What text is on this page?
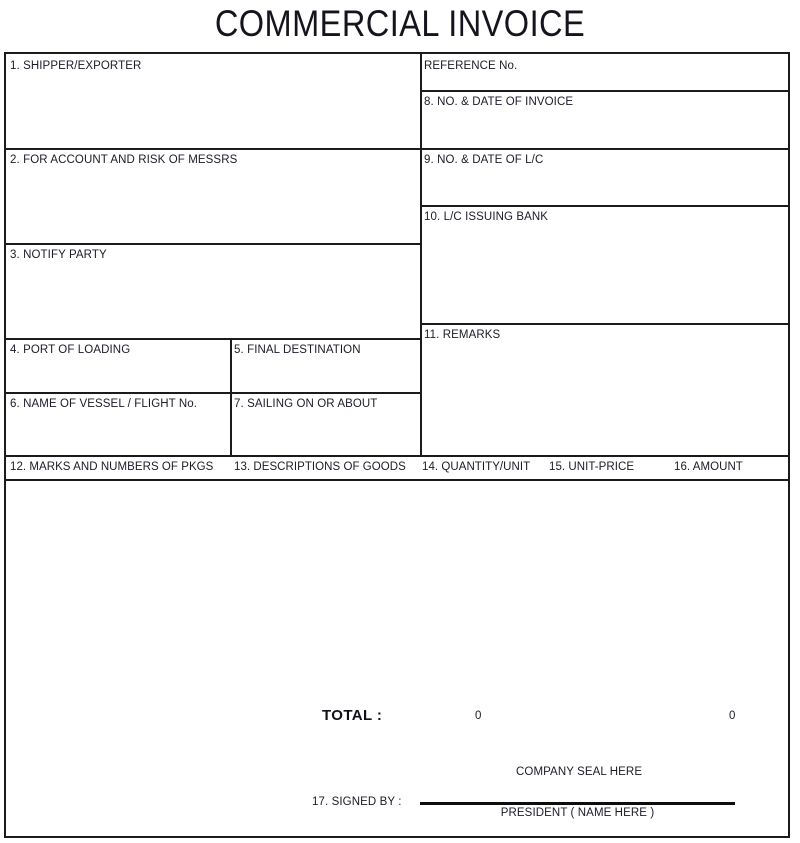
COMMERCIAL INVOICE
1. SHIPPER/EXPORTER
2. FOR ACCOUNT AND RISK OF MESSRS
3. NOTIFY PARTY
4. PORT OF LOADING	5. FINAL DESTINATION
6. NAME OF VESSEL / FLIGHT No.	7. SAILING ON OR ABOUT
REFERENCE No.
8. NO. & DATE OF INVOICE
9. NO. & DATE OF L/C
10. L/C ISSUING BANK
11. REMARKS
12. MARKS AND NUMBERS OF PKGS 13. DESCRIPTIONS OF GOODS 14. QUANTITY/UNIT 15. UNIT-PRICE	16. AMOUNT
TOTAL :	0	0
COMPANY SEAL HERE
17. SIGNED BY :
PRESIDENT ( NAME HERE )
